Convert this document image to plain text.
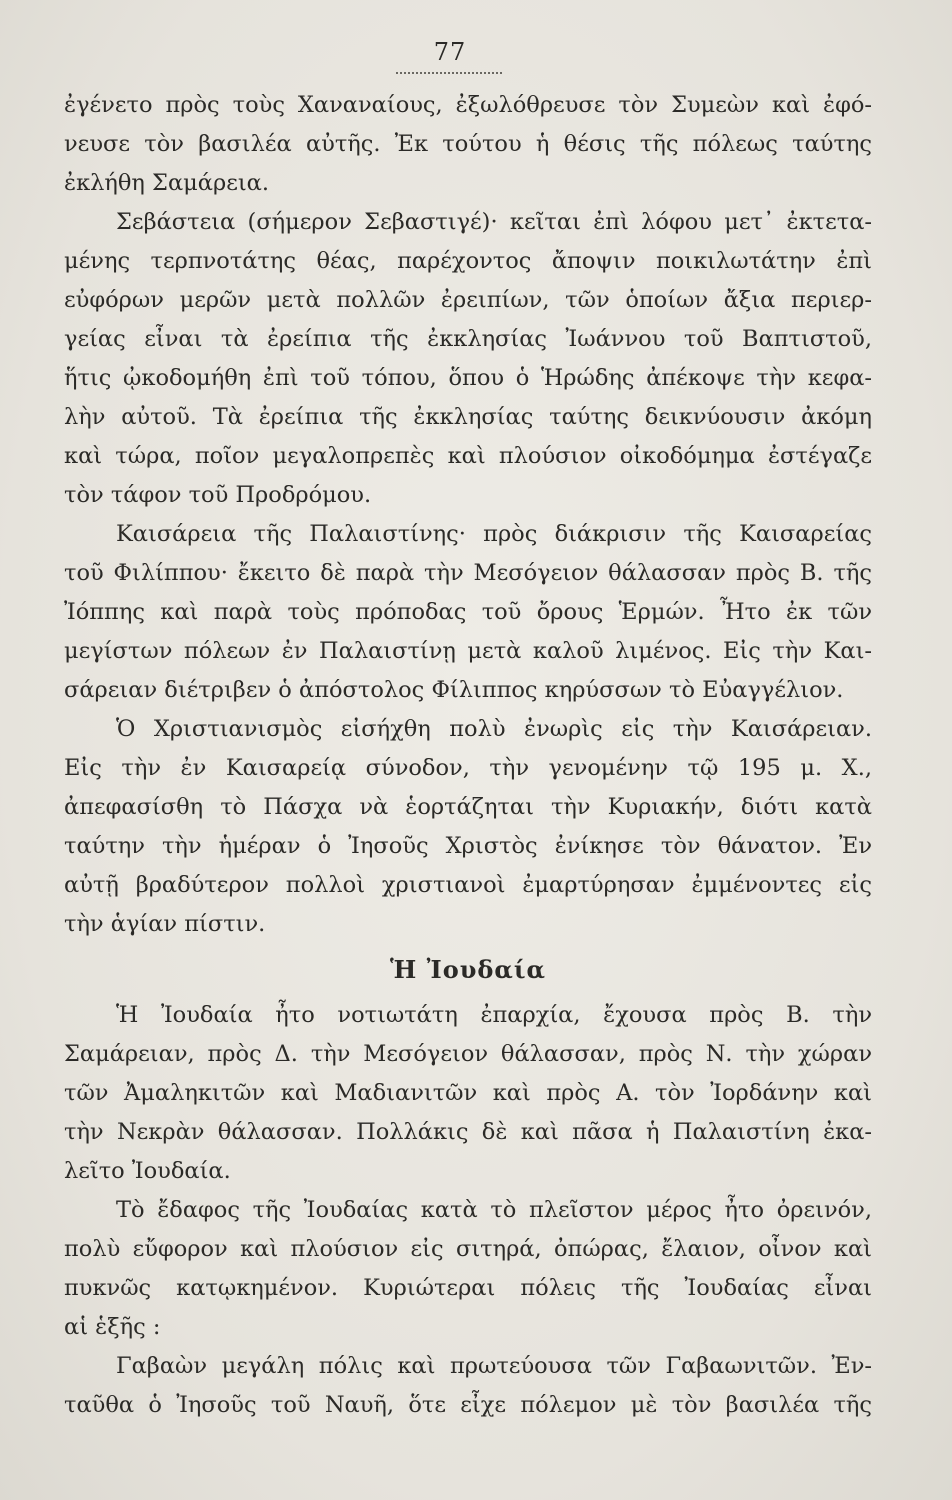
77
ἐγένετο πρὸς τοὺς Χαναναίους, ἐξωλόθρευσε τὸν Συμεὼν καὶ ἐφό-
νευσε τὸν βασιλέα αὐτῆς. Ἐκ τούτου ἡ θέσις τῆς πόλεως ταύτης
ἐκλήθη Σαμάρεια.
Σεβάστεια (σήμερον Σεβαστιγέ)· κεῖται ἐπὶ λόφου μετ᾽ ἐκτετα-
μένης τερπνοτάτης θέας, παρέχοντος ἄποψιν ποικιλωτάτην ἐπὶ
εὐφόρων μερῶν μετὰ πολλῶν ἐρειπίων, τῶν ὁποίων ἄξια περιερ-
γείας εἶναι τὰ ἐρείπια τῆς ἐκκλησίας Ἰωάννου τοῦ Βαπτιστοῦ,
ἥτις ᾠκοδομήθη ἐπὶ τοῦ τόπου, ὅπου ὁ Ἡρώδης ἀπέκοψε τὴν κεφα-
λὴν αὐτοῦ. Τὰ ἐρείπια τῆς ἐκκλησίας ταύτης δεικνύουσιν ἀκόμη
καὶ τώρα, ποῖον μεγαλοπρεπὲς καὶ πλούσιον οἰκοδόμημα ἐστέγαζε
τὸν τάφον τοῦ Προδρόμου.
Καισάρεια τῆς Παλαιστίνης· πρὸς διάκρισιν τῆς Καισαρείας
τοῦ Φιλίππου· ἔκειτο δὲ παρὰ τὴν Μεσόγειον θάλασσαν πρὸς Β. τῆς
Ἰόππης καὶ παρὰ τοὺς πρόποδας τοῦ ὄρους Ἑρμών. Ἦτο ἐκ τῶν
μεγίστων πόλεων ἐν Παλαιστίνῃ μετὰ καλοῦ λιμένος. Εἰς τὴν Και-
σάρειαν διέτριβεν ὁ ἀπόστολος Φίλιππος κηρύσσων τὸ Εὐαγγέλιον.
Ὁ Χριστιανισμὸς εἰσήχθη πολὺ ἐνωρὶς εἰς τὴν Καισάρειαν.
Εἰς τὴν ἐν Καισαρείᾳ σύνοδον, τὴν γενομένην τῷ 195 μ. Χ.,
ἀπεφασίσθη τὸ Πάσχα νὰ ἑορτάζηται τὴν Κυριακήν, διότι κατὰ
ταύτην τὴν ἡμέραν ὁ Ἰησοῦς Χριστὸς ἐνίκησε τὸν θάνατον. Ἐν
αὐτῇ βραδύτερον πολλοὶ χριστιανοὶ ἐμαρτύρησαν ἐμμένοντες εἰς
τὴν ἁγίαν πίστιν.
Ἡ Ἰουδαία
Ἡ Ἰουδαία ἦτο νοτιωτάτη ἐπαρχία, ἔχουσα πρὸς Β. τὴν
Σαμάρειαν, πρὸς Δ. τὴν Μεσόγειον θάλασσαν, πρὸς Ν. τὴν χώραν
τῶν Ἀμαληκιτῶν καὶ Μαδιανιτῶν καὶ πρὸς Α. τὸν Ἰορδάνην καὶ
τὴν Νεκρὰν θάλασσαν. Πολλάκις δὲ καὶ πᾶσα ἡ Παλαιστίνη ἐκα-
λεῖτο Ἰουδαία.
Τὸ ἔδαφος τῆς Ἰουδαίας κατὰ τὸ πλεῖστον μέρος ἦτο ὀρεινόν,
πολὺ εὔφορον καὶ πλούσιον εἰς σιτηρά, ὀπώρας, ἔλαιον, οἶνον καὶ
πυκνῶς κατῳκημένον. Κυριώτεραι πόλεις τῆς Ἰουδαίας εἶναι
αἱ ἑξῆς :
Γαβαὼν μεγάλη πόλις καὶ πρωτεύουσα τῶν Γαβαωνιτῶν. Ἐν-
ταῦθα ὁ Ἰησοῦς τοῦ Ναυῆ, ὅτε εἶχε πόλεμον μὲ τὸν βασιλέα τῆς
